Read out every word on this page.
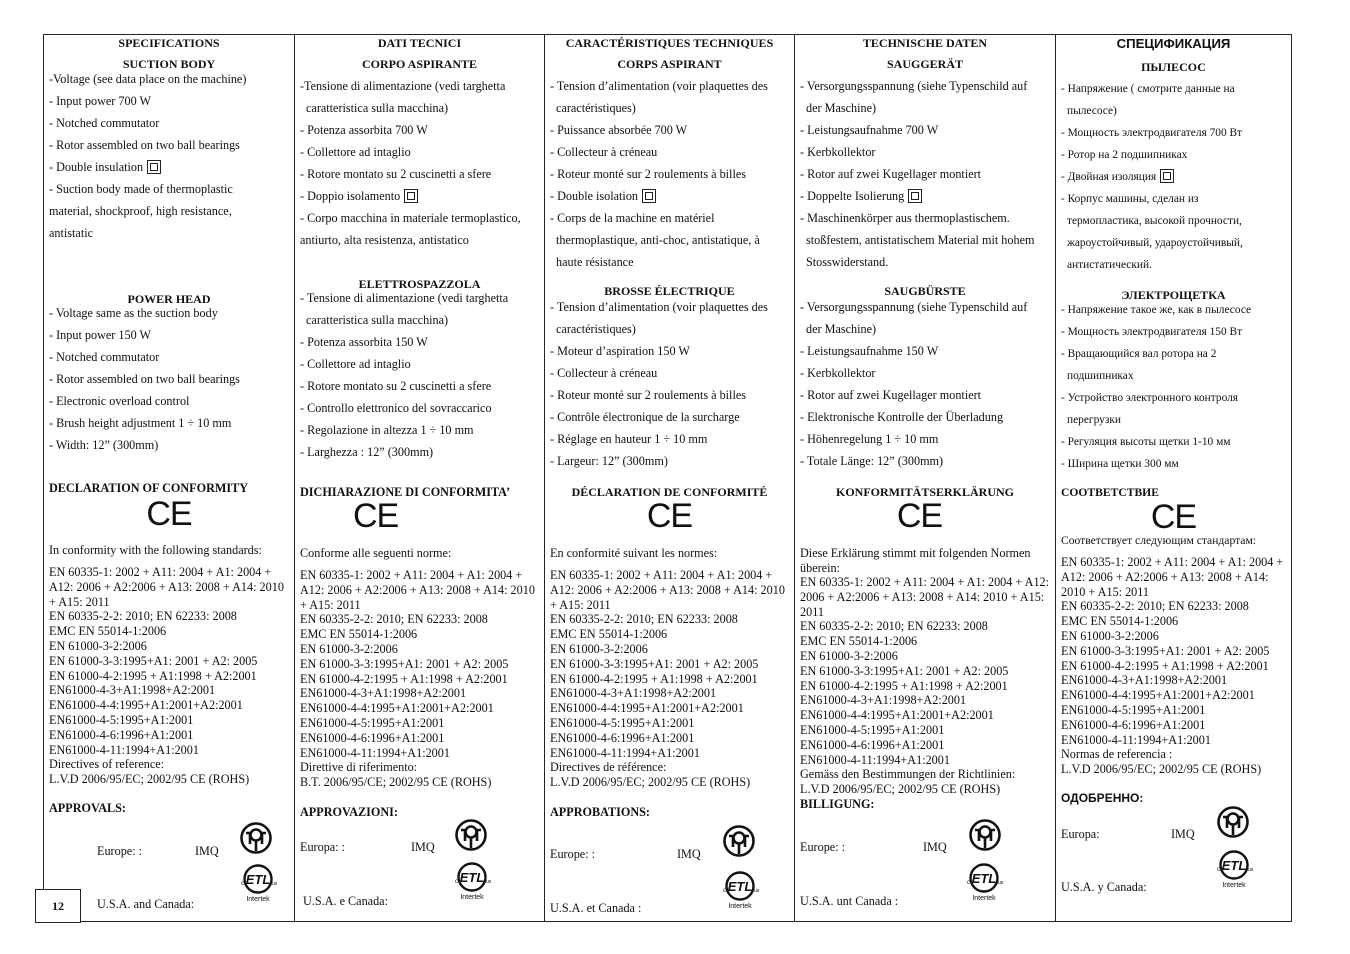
SPECIFICATIONS
SUCTION BODY
-Voltage (see data place on the machine)
- Input power 700 W
- Notched commutator
- Rotor assembled on two ball bearings
- Double insulation
- Suction body made of thermoplastic
material, shockproof, high resistance,
antistatic
POWER HEAD
- Voltage same as the suction body
- Input power 150 W
- Notched commutator
- Rotor assembled on two ball bearings
- Electronic overload control
- Brush height adjustment 1 ÷ 10 mm
- Width: 12” (300mm)
DECLARATION OF CONFORMITY
CE
In conformity with the following standards:
EN 60335-1: 2002 + A11: 2004 + A1: 2004 + A12: 2006 + A2:2006 + A13: 2008 + A14: 2010 + A15: 2011
EN 60335-2-2: 2010; EN 62233: 2008
EMC EN 55014-1:2006
EN 61000-3-2:2006
EN 61000-3-3:1995+A1: 2001 + A2: 2005
EN 61000-4-2:1995 + A1:1998 + A2:2001
EN61000-4-3+A1:1998+A2:2001
EN61000-4-4:1995+A1:2001+A2:2001
EN61000-4-5:1995+A1:2001
EN61000-4-6:1996+A1:2001
EN61000-4-11:1994+A1:2001
Directives of reference:
L.V.D 2006/95/EC; 2002/95 CE (ROHS)
APPROVALS:
Europe: :	IMQ
U.S.A. and Canada:
ETL
c	us
Intertek
DATI TECNICI
CORPO ASPIRANTE
-Tensione di alimentazione (vedi targhetta
caratteristica sulla macchina)
- Potenza assorbita 700 W
- Collettore ad intaglio
- Rotore montato su 2 cuscinetti a sfere
- Doppio isolamento
- Corpo macchina in materiale termoplastico,
antiurto, alta resistenza, antistatico
ELETTROSPAZZOLA
- Tensione di alimentazione (vedi targhetta
caratteristica sulla macchina)
- Potenza assorbita 150 W
- Collettore ad intaglio
- Rotore montato su 2 cuscinetti a sfere
- Controllo elettronico del sovraccarico
- Regolazione in altezza 1 ÷ 10 mm
- Larghezza : 12” (300mm)
DICHIARAZIONE DI CONFORMITA’
CE
Conforme alle seguenti norme:
EN 60335-1: 2002 + A11: 2004 + A1: 2004 + A12: 2006 + A2:2006 + A13: 2008 + A14: 2010 + A15: 2011
EN 60335-2-2: 2010; EN 62233: 2008
EMC EN 55014-1:2006
EN 61000-3-2:2006
EN 61000-3-3:1995+A1: 2001 + A2: 2005
EN 61000-4-2:1995 + A1:1998 + A2:2001
EN61000-4-3+A1:1998+A2:2001
EN61000-4-4:1995+A1:2001+A2:2001
EN61000-4-5:1995+A1:2001
EN61000-4-6:1996+A1:2001
EN61000-4-11:1994+A1:2001
Direttive di riferimento:
B.T. 2006/95/CE; 2002/95 CE (ROHS)
APPROVAZIONI:
Europa: :	IMQ
U.S.A. e Canada:
ETL
c	us
Intertek
CARACTÉRISTIQUES TECHNIQUES
CORPS ASPIRANT
- Tension d’alimentation (voir plaquettes des
caractéristiques)
- Puissance absorbée 700 W
- Collecteur à créneau
- Roteur monté sur 2 roulements à billes
- Double isolation
- Corps de la machine en matériel
thermoplastique, anti-choc, antistatique, à
haute résistance
BROSSE ÉLECTRIQUE
- Tension d’alimentation (voir plaquettes des
caractéristiques)
- Moteur d’aspiration 150 W
- Collecteur à créneau
- Roteur monté sur 2 roulements à billes
- Contrôle électronique de la surcharge
- Réglage en hauteur 1 ÷ 10 mm
- Largeur: 12” (300mm)
DÉCLARATION DE CONFORMITÉ
CE
En conformité suivant les normes:
EN 60335-1: 2002 + A11: 2004 + A1: 2004 + A12: 2006 + A2:2006 + A13: 2008 + A14: 2010 + A15: 2011
EN 60335-2-2: 2010; EN 62233: 2008
EMC EN 55014-1:2006
EN 61000-3-2:2006
EN 61000-3-3:1995+A1: 2001 + A2: 2005
EN 61000-4-2:1995 + A1:1998 + A2:2001
EN61000-4-3+A1:1998+A2:2001
EN61000-4-4:1995+A1:2001+A2:2001
EN61000-4-5:1995+A1:2001
EN61000-4-6:1996+A1:2001
EN61000-4-11:1994+A1:2001
Directives de référence:
L.V.D 2006/95/EC; 2002/95 CE (ROHS)
APPROBATIONS:
Europe: :	IMQ
U.S.A. et Canada :
ETL
c	us
Intertek
TECHNISCHE DATEN
SAUGGERÄT
- Versorgungsspannung (siehe Typenschild auf
der Maschine)
- Leistungsaufnahme 700 W
- Kerbkollektor
- Rotor auf zwei Kugellager montiert
- Doppelte Isolierung
- Maschinenkörper aus thermoplastischem.
stoßfestem, antistatischem Material mit hohem
Stosswiderstand.
SAUGBÜRSTE
- Versorgungsspannung (siehe Typenschild auf
der Maschine)
- Leistungsaufnahme 150 W
- Kerbkollektor
- Rotor auf zwei Kugellager montiert
- Elektronische Kontrolle der Überladung
- Höhenregelung 1 ÷ 10 mm
- Totale Länge: 12” (300mm)
KONFORMITÄTSERKLÄRUNG
CE
Diese Erklärung stimmt mit folgenden Normen überein:
EN 60335-1: 2002 + A11: 2004 + A1: 2004 + A12: 2006 + A2:2006 + A13: 2008 + A14: 2010 + A15: 2011
EN 60335-2-2: 2010; EN 62233: 2008
EMC EN 55014-1:2006
EN 61000-3-2:2006
EN 61000-3-3:1995+A1: 2001 + A2: 2005
EN 61000-4-2:1995 + A1:1998 + A2:2001
EN61000-4-3+A1:1998+A2:2001
EN61000-4-4:1995+A1:2001+A2:2001
EN61000-4-5:1995+A1:2001
EN61000-4-6:1996+A1:2001
EN61000-4-11:1994+A1:2001
Gemäss den Bestimmungen der Richtlinien:
L.V.D 2006/95/EC; 2002/95 CE (ROHS)
BILLIGUNG:
Europe: :	IMQ
U.S.A. unt Canada :
ETL
c	us
Intertek
СПЕЦИФИКАЦИЯ
ПЫЛЕСОС
- Напряжение ( смотрите данные на
пылесосе)
- Мощность электродвигателя 700 Вт
- Ротор на 2 подшипниках
- Двойная изоляция
- Корпус машины, сделан из
термопластика, высокой прочности,
жароустойчивый, удароустойчивый,
антистатический.
ЭЛЕКТРОЩЕТКА
- Напряжение такое же, как в пылесосе
- Мощность электродвигателя 150 Вт
- Вращающийся вал ротора на 2
подшипниках
- Устройство электронного контроля
перегрузки
- Регуляция высоты щетки 1-10 мм
- Ширина щетки 300 мм
СООТВЕТСТВИЕ
CE
Соответствует следующим стандартам:
EN 60335-1: 2002 + A11: 2004 + A1: 2004 + A12: 2006 + A2:2006 + A13: 2008 + A14: 2010 + A15: 2011
EN 60335-2-2: 2010; EN 62233: 2008
EMC EN 55014-1:2006
EN 61000-3-2:2006
EN 61000-3-3:1995+A1: 2001 + A2: 2005
EN 61000-4-2:1995 + A1:1998 + A2:2001
EN61000-4-3+A1:1998+A2:2001
EN61000-4-4:1995+A1:2001+A2:2001
EN61000-4-5:1995+A1:2001
EN61000-4-6:1996+A1:2001
EN61000-4-11:1994+A1:2001
Normas de referencia :
L.V.D 2006/95/EC; 2002/95 CE (ROHS)
ОДОБРЕННО:
Europa:	IMQ
U.S.A. y Canada:
ETL
c	us
Intertek
12
